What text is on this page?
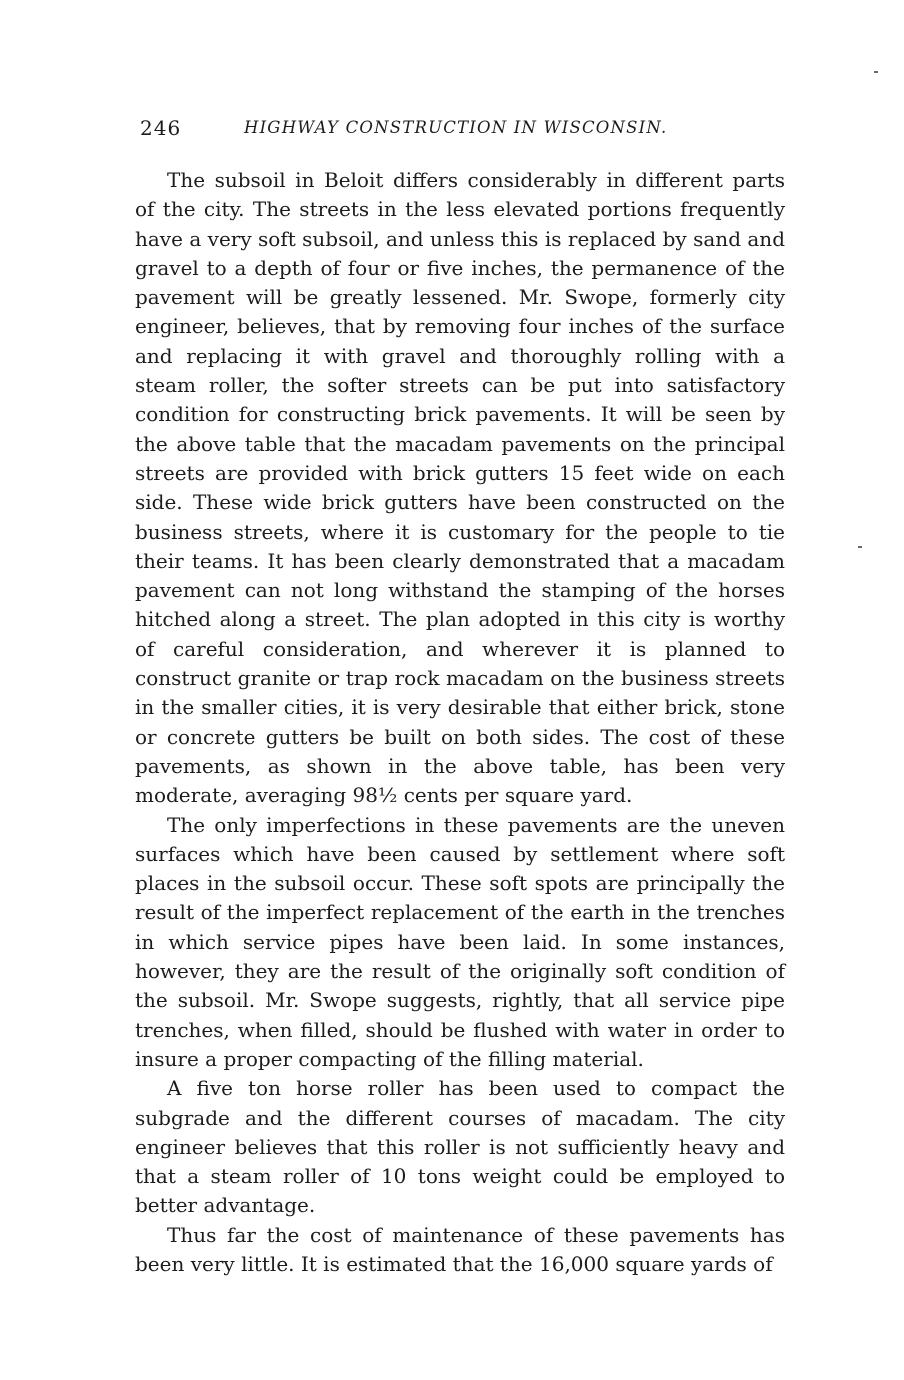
246	HIGHWAY CONSTRUCTION IN WISCONSIN.

The subsoil in Beloit differs considerably in different parts of the city. The streets in the less elevated portions frequently have a very soft subsoil, and unless this is replaced by sand and gravel to a depth of four or five inches, the permanence of the pavement will be greatly lessened. Mr. Swope, formerly city engineer, believes, that by removing four inches of the surface and replacing it with gravel and thoroughly rolling with a steam roller, the softer streets can be put into satisfactory condition for constructing brick pavements. It will be seen by the above table that the macadam pavements on the principal streets are provided with brick gutters 15 feet wide on each side. These wide brick gutters have been constructed on the business streets, where it is customary for the people to tie their teams. It has been clearly demonstrated that a macadam pavement can not long withstand the stamping of the horses hitched along a street. The plan adopted in this city is worthy of careful consideration, and wherever it is planned to construct granite or trap rock macadam on the business streets in the smaller cities, it is very desirable that either brick, stone or concrete gutters be built on both sides. The cost of these pavements, as shown in the above table, has been very moderate, averaging 98½ cents per square yard.

The only imperfections in these pavements are the uneven surfaces which have been caused by settlement where soft places in the subsoil occur. These soft spots are principally the result of the imperfect replacement of the earth in the trenches in which service pipes have been laid. In some instances, however, they are the result of the originally soft condition of the subsoil. Mr. Swope suggests, rightly, that all service pipe trenches, when filled, should be flushed with water in order to insure a proper compacting of the filling material.

A five ton horse roller has been used to compact the subgrade and the different courses of macadam. The city engineer believes that this roller is not sufficiently heavy and that a steam roller of 10 tons weight could be employed to better advantage.

Thus far the cost of maintenance of these pavements has been very little. It is estimated that the 16,000 square yards of
